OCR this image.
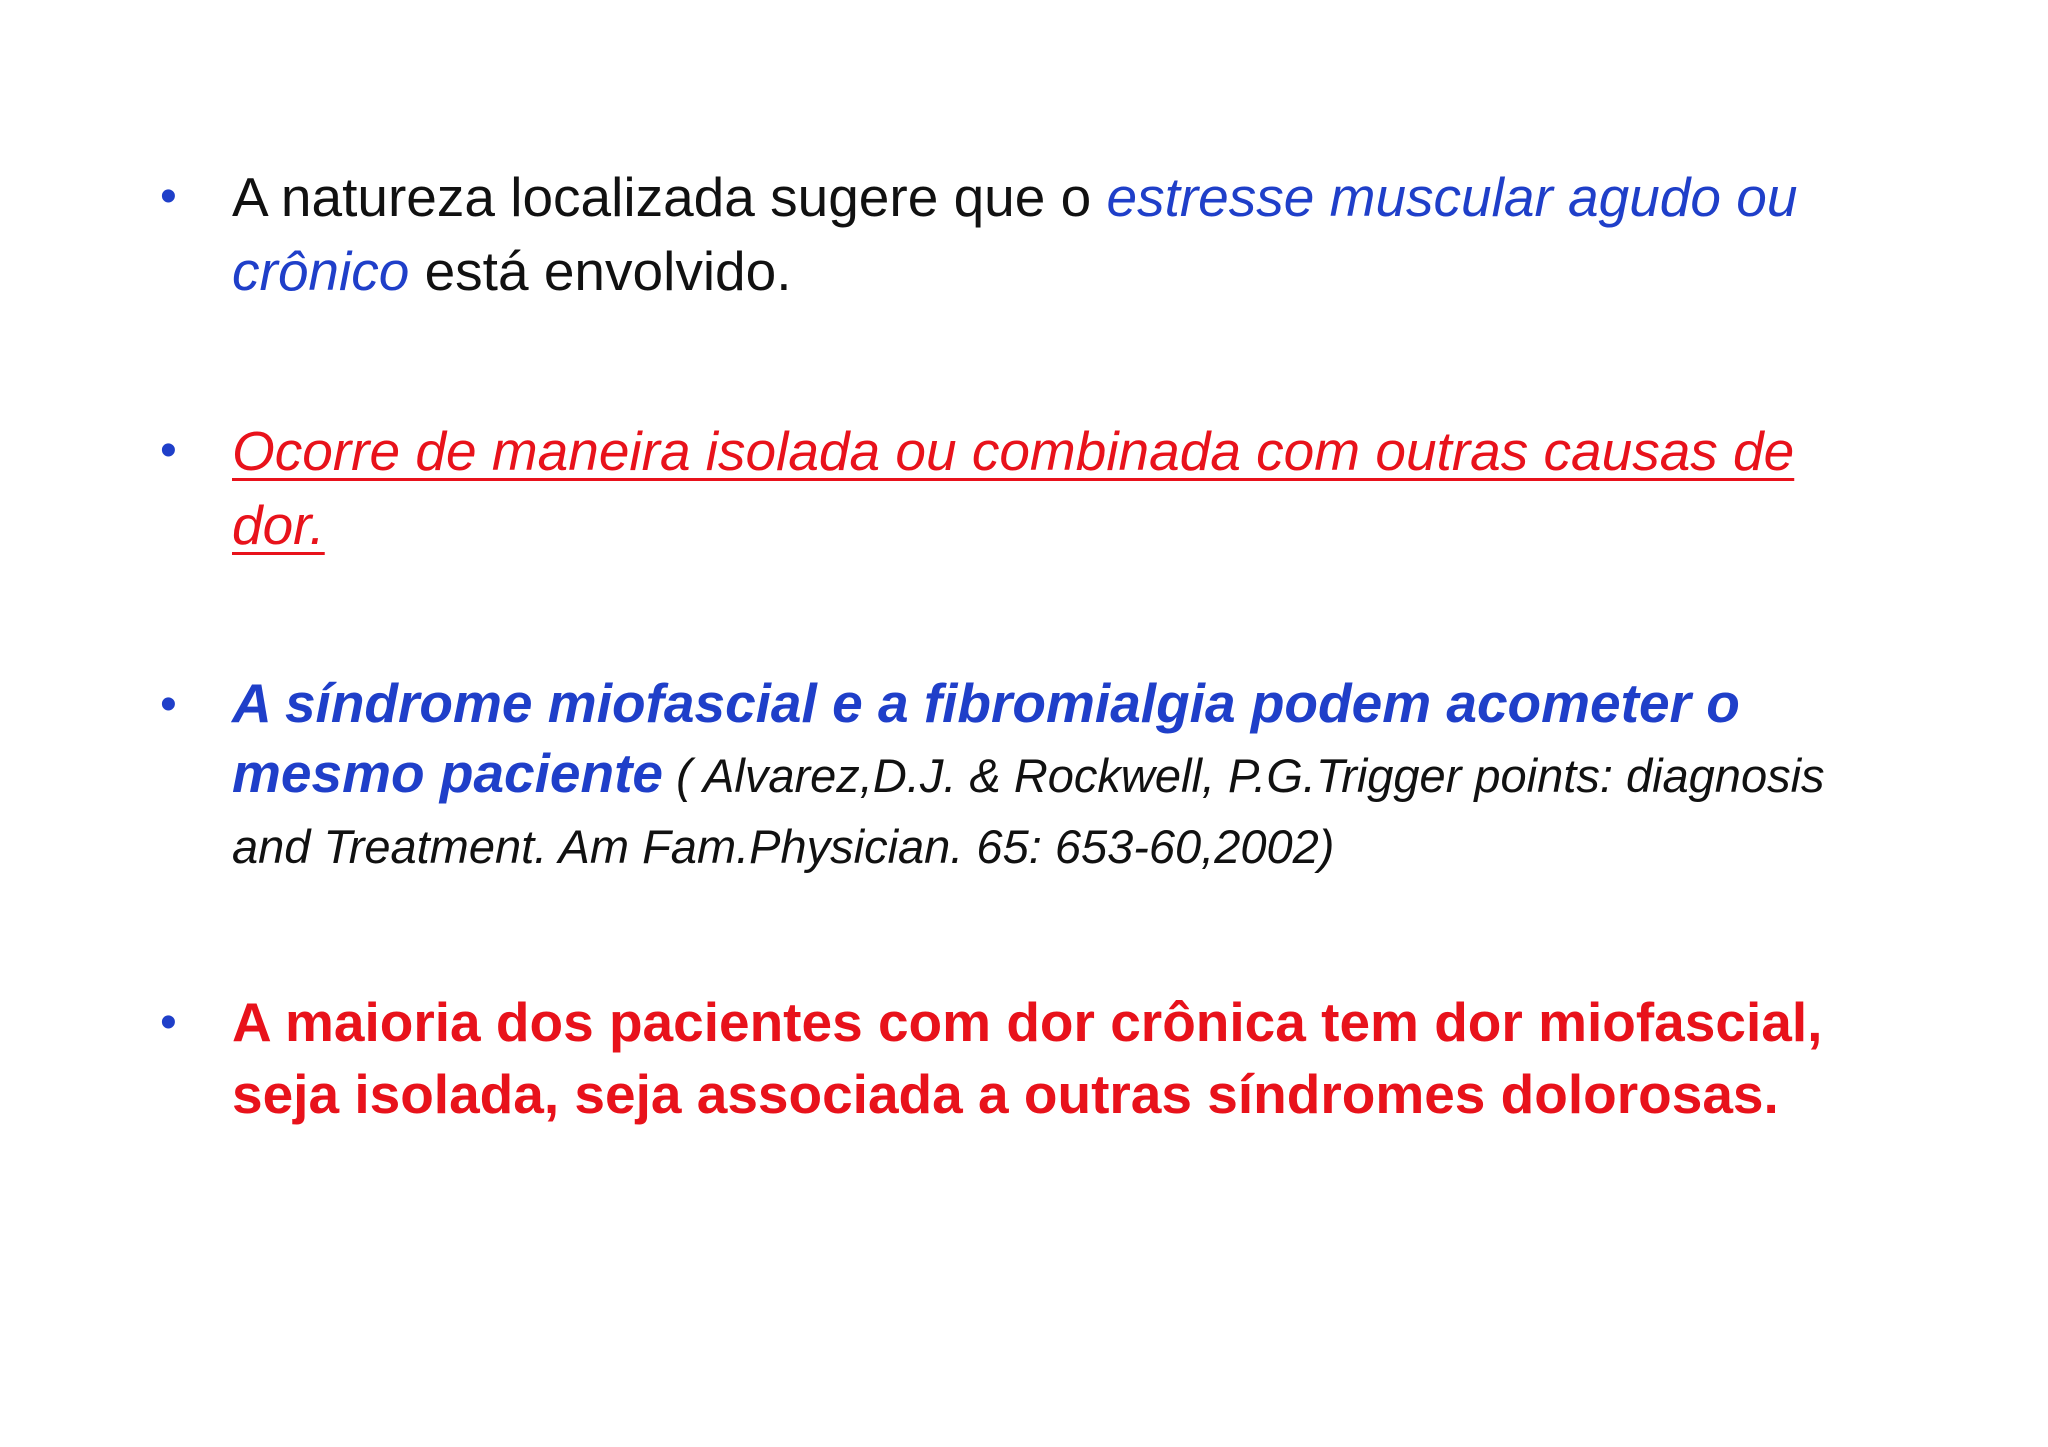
•	A natureza localizada sugere que o estresse muscular agudo ou crônico está envolvido.
•	Ocorre de maneira isolada ou combinada com outras causas de dor.
•	A síndrome miofascial e a fibromialgia podem acometer o mesmo paciente ( Alvarez,D.J. & Rockwell, P.G.Trigger points: diagnosis and Treatment. Am Fam.Physician. 65: 653-60,2002)
•	A maioria dos pacientes com dor crônica tem dor miofascial, seja isolada, seja associada a outras síndromes dolorosas.
